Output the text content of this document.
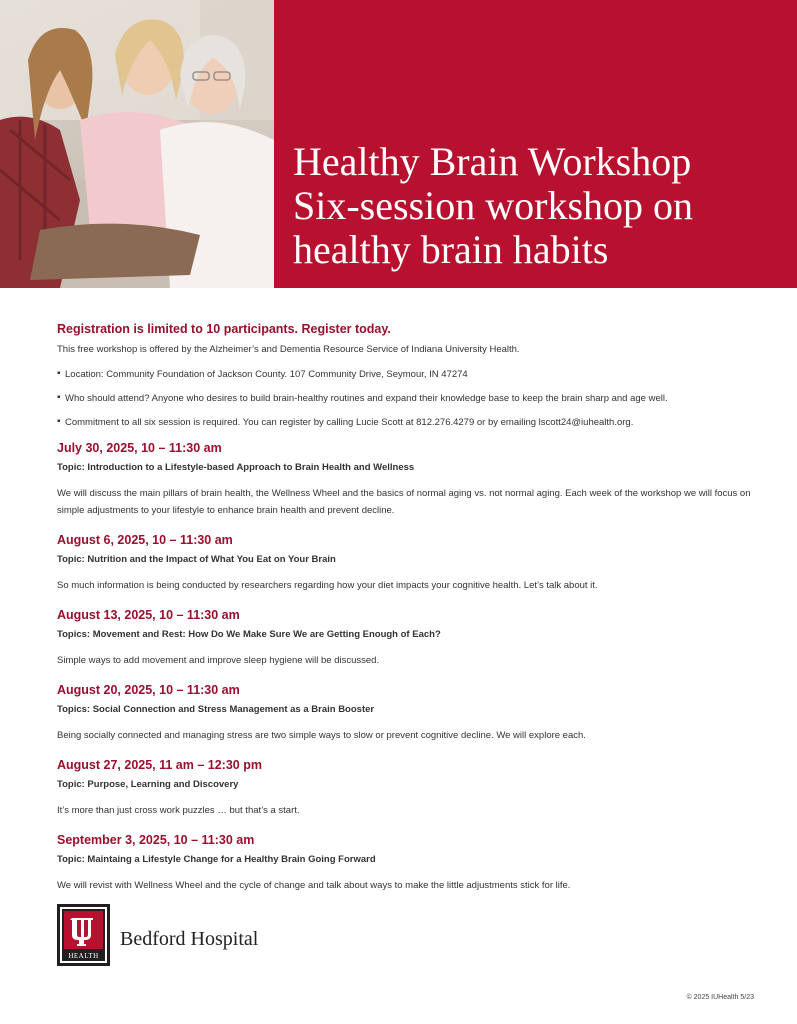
Healthy Brain Workshop
Six-session workshop on
healthy brain habits

Registration is limited to 10 participants. Register today.

This free workshop is offered by the Alzheimer’s and Dementia Resource Service of Indiana University Health.

▪ Location: Community Foundation of Jackson County. 107 Community Drive, Seymour, IN 47274
▪ Who should attend? Anyone who desires to build brain-healthy routines and expand their knowledge base to keep the brain sharp and age well.
▪ Commitment to all six session is required. You can register by calling Lucie Scott at 812.276.4279 or by emailing lscott24@iuhealth.org.
July 30, 2025, 10 – 11:30 am

Topic: Introduction to a Lifestyle-based Approach to Brain Health and Wellness

We will discuss the main pillars of brain health, the Wellness Wheel and the basics of normal aging vs. not normal aging. Each week of the workshop we will focus on simple adjustments to your lifestyle to enhance brain health and prevent decline.

August 6, 2025, 10 – 11:30 am

Topic: Nutrition and the Impact of What You Eat on Your Brain

So much information is being conducted by researchers regarding how your diet impacts your cognitive health. Let’s talk about it.

August 13, 2025, 10 – 11:30 am

Topics: Movement and Rest: How Do We Make Sure We are Getting Enough of Each?

Simple ways to add movement and improve sleep hygiene will be discussed.

August 20, 2025, 10 – 11:30 am

Topics: Social Connection and Stress Management as a Brain Booster

Being socially connected and managing stress are two simple ways to slow or prevent cognitive decline. We will explore each.

August 27, 2025, 11 am – 12:30 pm

Topic: Purpose, Learning and Discovery

It’s more than just cross work puzzles … but that’s a start.

September 3, 2025, 10 – 11:30 am

Topic: Maintaing a Lifestyle Change for a Healthy Brain Going Forward

We will revist with Wellness Wheel and the cycle of change and talk about ways to make the little adjustments stick for life.

HEALTH
Bedford Hospital
© 2025 IUHealth 5/23
